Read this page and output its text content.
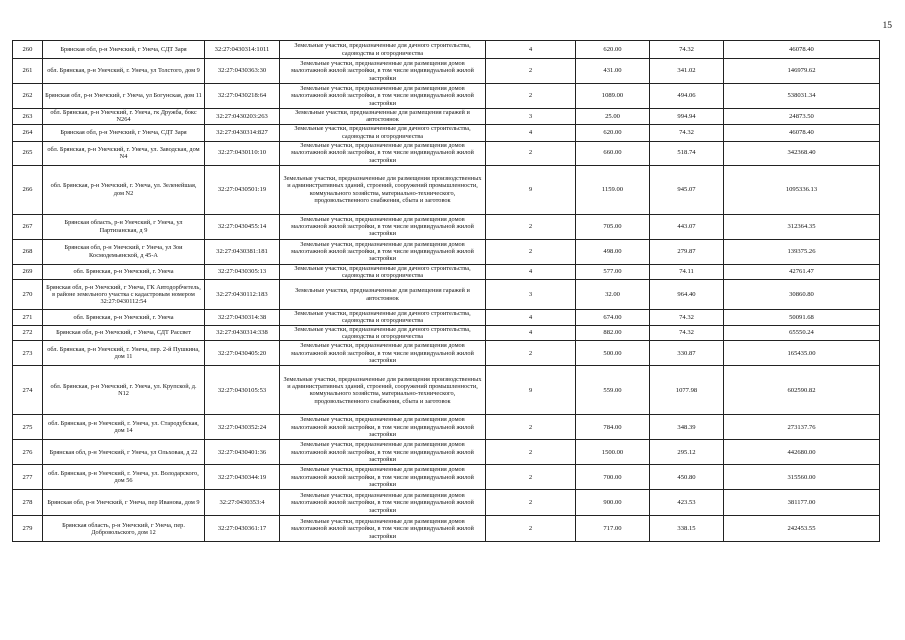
15
260	Брянская обл, р-н Унечский, г Унеча, СДТ Заря	32:27:0430314:1011	Земельные участки, предназначенные для дачного строительства, садоводства и огородничества	4	620.00	74.32	46078.40
261	обл. Брянская, р-н Унечский, г. Унеча, ул Толстого, дом 9	32:27:0430363:30	Земельные участки, предназначенные для размещения домов малоэтажной жилой застройки, в том числе индивидуальной жилой застройки	2	431.00	341.02	146979.62
262	Брянская обл, р-н Унечский, г Унеча, ул Богунская, дом 11	32:27:0430218:64	Земельные участки, предназначенные для размещения домов малоэтажной жилой застройки, в том числе индивидуальной жилой застройки	2	1089.00	494.06	538031.34
263	обл. Брянская, р-н Унечский, г. Унеча, гк Дружба, бокс N264	32:27:0430203:263	Земельные участки, предназначенные для размещения гаражей и автостоянок	3	25.00	994.94	24873.50
264	Брянская обл, р-н Унечский, г Унеча, СДТ Заря	32:27:0430314:827	Земельные участки, предназначенные для дачного строительства, садоводства и огородничества	4	620.00	74.32	46078.40
265	обл. Брянская, р-н Унечский, г. Унеча, ул. Заводская, дом N4	32:27:0430110:10	Земельные участки, предназначенные для размещения домов малоэтажной жилой застройки, в том числе индивидуальной жилой застройки	2	660.00	518.74	342368.40
266	обл. Брянская, р-н Унечский, г. Унеча, ул. Зеленейшая, дом N2	32:27:0430501:19	Земельные участки, предназначенные для размещения производственных и административных зданий, строений, сооружений промышленности, коммунального хозяйства, материально-технического, продовольственного снабжения, сбыта и заготовок	9	1159.00	945.07	1095336.13
267	Брянская область, р-н Унечский, г Унеча, ул Партизанская, д 9	32:27:0430455:14	Земельные участки, предназначенные для размещения домов малоэтажной жилой застройки, в том числе индивидуальной жилой застройки	2	705.00	443.07	312364.35
268	Брянская обл, р-н Унечский, г Унеча, ул Зои Космодемьянской, д 45-А	32:27:0430381:181	Земельные участки, предназначенные для размещения домов малоэтажной жилой застройки, в том числе индивидуальной жилой застройки	2	498.00	279.87	139375.26
269	обл. Брянская, р-н Унечский, г. Унеча	32:27:0430305:13	Земельные участки, предназначенные для дачного строительства, садоводства и огородничества	4	577.00	74.11	42761.47
270	Брянская обл, р-н Унечский, г Унеча, ГК Автодорбчетель, в районе земельного участка с кадастровым номером 32:27:0430112:54	32:27:0430112:183	Земельные участки, предназначенные для размещения гаражей и автостоянок	3	32.00	964.40	30860.80
271	обл. Брянская, р-н Унечский, г. Унеча	32:27:0430314:38	Земельные участки, предназначенные для дачного строительства, садоводства и огородничества	4	674.00	74.32	50091.68
272	Брянская обл, р-н Унечский, г Унеча, СДТ Рассвет	32:27:0430314:338	Земельные участки, предназначенные для дачного строительства, садоводства и огородничества	4	882.00	74.32	65550.24
273	обл. Брянская, р-н Унечский, г. Унеча, пер. 2-й Пушкина, дом 11	32:27:0430405:20	Земельные участки, предназначенные для размещения домов малоэтажной жилой застройки, в том числе индивидуальной жилой застройки	2	500.00	330.87	165435.00
274	обл. Брянская, р-н Унечский, г. Унеча, ул. Крупской, д. N12	32:27:0430105:53	Земельные участки, предназначенные для размещения производственных и административных зданий, строений, сооружений промышленности, коммунального хозяйства, материально-технического, продовольственного снабжения, сбыта и заготовок	9	559.00	1077.98	602590.82
275	обл. Брянская, р-н Унечский, г. Унеча, ул. Стародубская, дом 14	32:27:0430352:24	Земельные участки, предназначенные для размещения домов малоэтажной жилой застройки, в том числе индивидуальной жилой застройки	2	784.00	348.39	273137.76
276	Брянская обл, р-н Унечский, г Унеча, ул Ольховая, д 22	32:27:0430401:36	Земельные участки, предназначенные для размещения домов малоэтажной жилой застройки, в том числе индивидуальной жилой застройки	2	1500.00	295.12	442680.00
277	обл. Брянская, р-н Унечский, г. Унеча, ул. Володарского, дом 56	32:27:0430344:19	Земельные участки, предназначенные для размещения домов малоэтажной жилой застройки, в том числе индивидуальной жилой застройки	2	700.00	450.80	315560.00
278	Брянская обл, р-н Унечский, г Унеча, пер Иванова, дом 9	32:27:0430353:4	Земельные участки, предназначенные для размещения домов малоэтажной жилой застройки, в том числе индивидуальной жилой застройки	2	900.00	423.53	381177.00
279	Брянская область, р-н Унечский, г Унеча, пер. Добровольского, дом 12	32:27:0430361:17	Земельные участки, предназначенные для размещения домов малоэтажной жилой застройки, в том числе индивидуальной жилой застройки	2	717.00	338.15	242453.55
